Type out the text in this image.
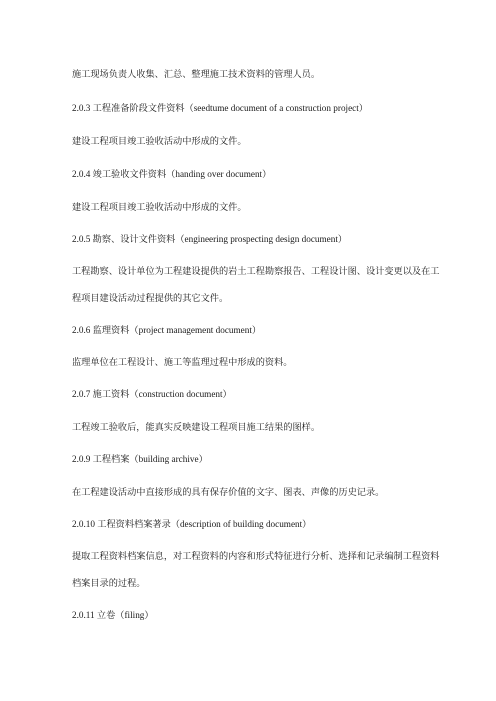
施工现场负责人收集、汇总、整理施工技术资料的管理人员。
2.0.3 工程准备阶段文件资料（seedtume document of a construction project）
建设工程项目竣工验收活动中形成的文件。
2.0.4 竣工验收文件资料（handing over document）
建设工程项目竣工验收活动中形成的文件。
2.0.5 勘察、设计文件资料（engineering prospecting design document）
工程勘察、设计单位为工程建设提供的岩土工程勘察报告、工程设计图、设计变更以及在工
程项目建设活动过程提供的其它文件。
2.0.6 监理资料（project management document）
监理单位在工程设计、施工等监理过程中形成的资料。
2.0.7 施工资料（construction document）
工程竣工验收后，能真实反映建设工程项目施工结果的图样。
2.0.9 工程档案（building archive）
在工程建设活动中直接形成的具有保存价值的文字、图表、声像的历史记录。
2.0.10 工程资料档案著录（description of building document）
提取工程资料档案信息，对工程资料的内容和形式特征进行分析、选择和记录编制工程资料
档案目录的过程。
2.0.11 立卷（filing）
